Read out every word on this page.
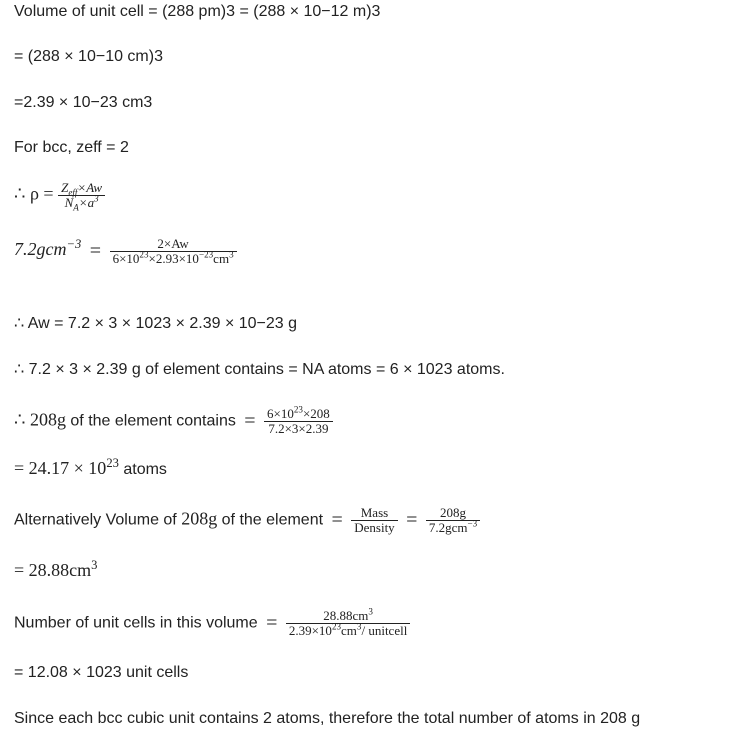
Volume of unit cell = (288 pm)3 = (288 × 10−12 m)3
= (288 × 10−10 cm)3
=2.39 × 10−23 cm3
For bcc, zeff = 2
∴ $\rho = \frac{Z_{eff}\times Aw}{N_A\times a^3}$
$7.2gcm^{-3} = \frac{2\times Aw}{6\times 10^{23}\times 2.93\times 10^{-23}cm^3}$
∴ Aw = 7.2 × 3 × 1023 × 2.39 × 10−23 g
∴ 7.2 × 3 × 2.39 g of element contains = NA atoms = 6 × 1023 atoms.
∴ 208g of the element contains = $\frac{6\times 10^{23}\times 208}{7.2\times 3\times 2.39}$
= $24.17 \times 10^{23}$ atoms
Alternatively Volume of 208g of the element = $\frac{\text{Mass}}{\text{Density}} = \frac{208g}{7.2gcm^{-3}}$
= $28.88cm^3$
Number of unit cells in this volume = $\frac{28.88cm^3}{2.39\times 10^{23}cm^3/ unitcell}$
= 12.08 × 1023 unit cells
Since each bcc cubic unit contains 2 atoms, therefore the total number of atoms in 208 g
